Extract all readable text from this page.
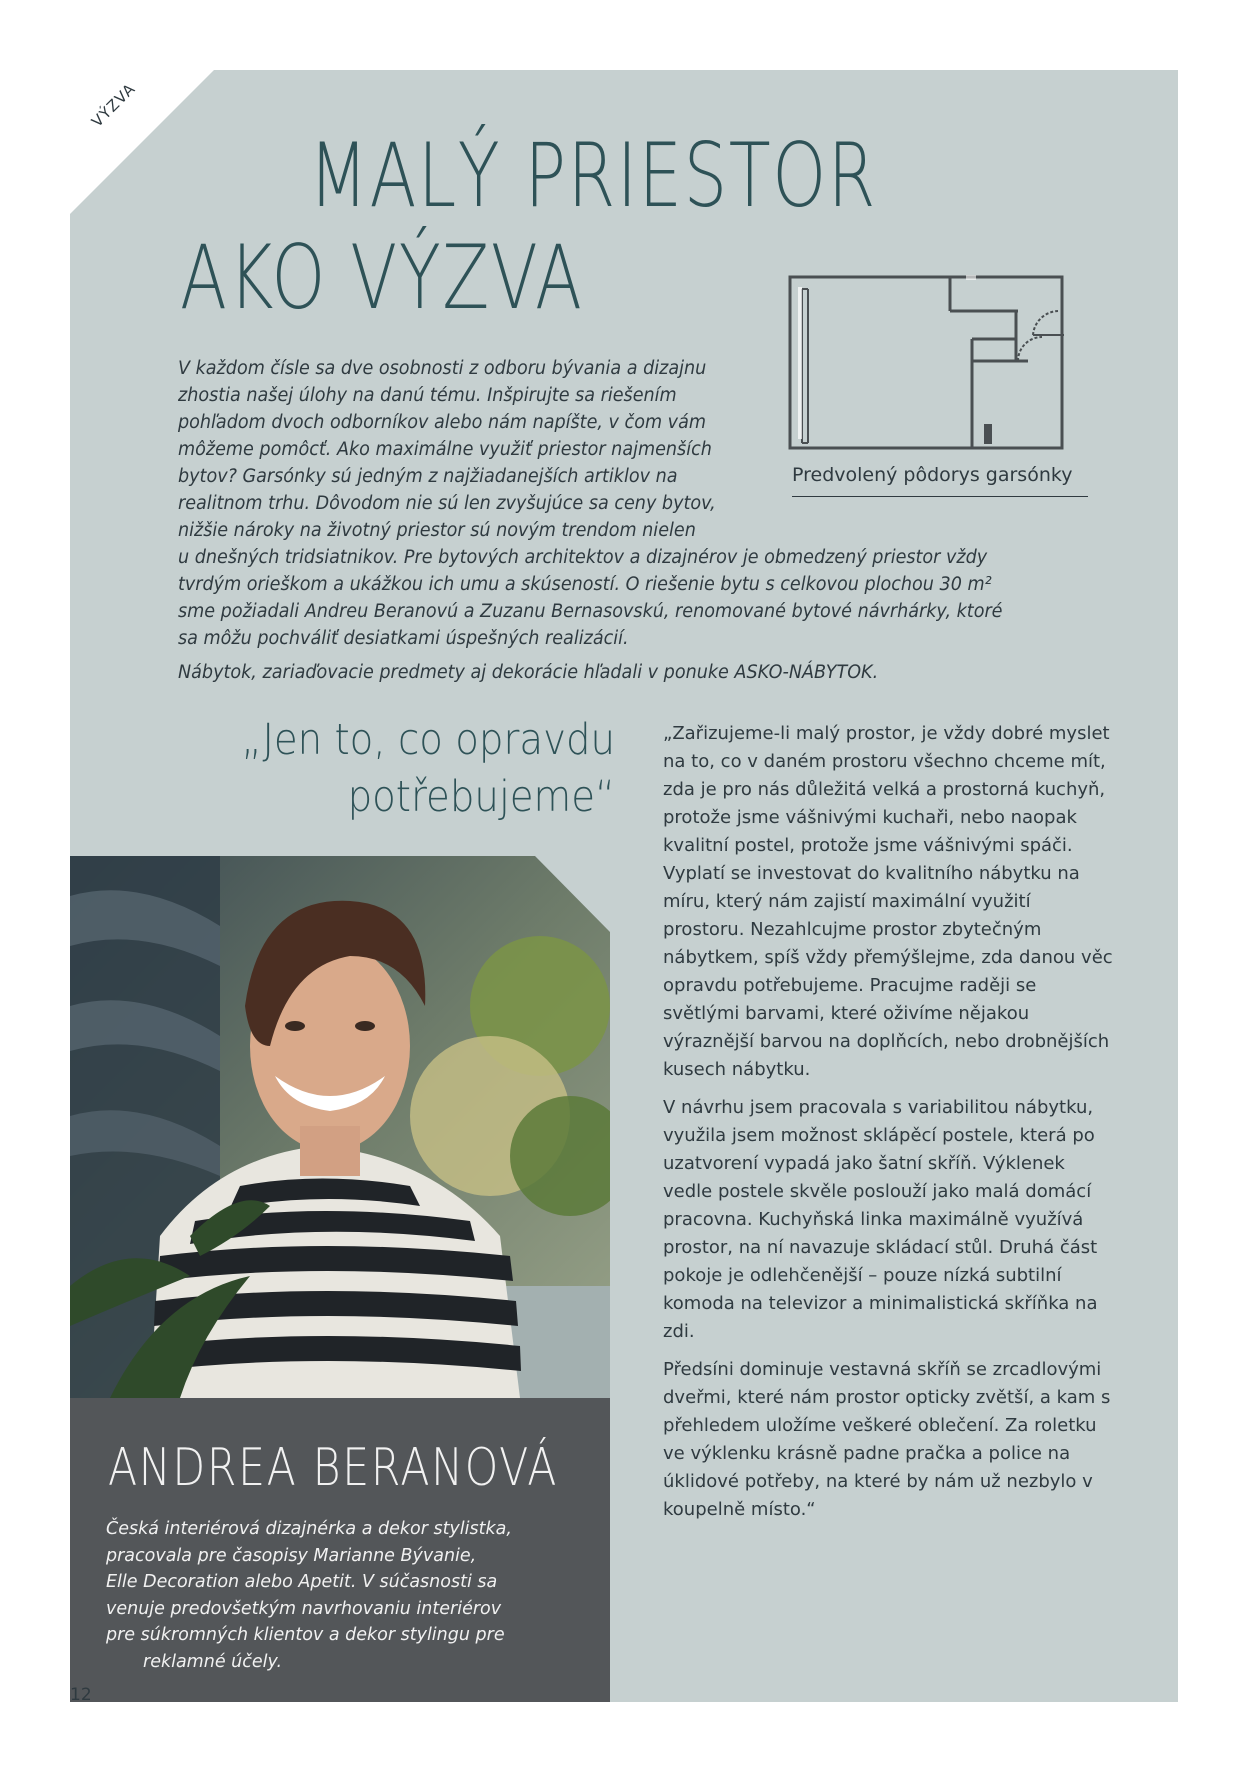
VÝZVA
MALÝ PRIESTOR
AKO VÝZVA
Predvolený pôdorys garsónky

V každom čísle sa dve osobnosti z odboru bývania a dizajnu

zhostia našej úlohy na danú tému. Inšpirujte sa riešením

pohľadom dvoch odborníkov alebo nám napíšte, v čom vám

môžeme pomôcť. Ako maximálne využiť priestor najmenších

bytov? Garsónky sú jedným z najžiadanejších artiklov na

realitnom trhu. Dôvodom nie sú len zvyšujúce sa ceny bytov,

nižšie nároky na životný priestor sú novým trendom nielen

u dnešných tridsiatnikov. Pre bytových architektov a dizajnérov je obmedzený priestor vždy

tvrdým orieškom a ukážkou ich umu a skúseností. O riešenie bytu s celkovou plochou 30 m²

sme požiadali Andreu Beranovú a Zuzanu Bernasovskú, renomované bytové návrhárky, ktoré

sa môžu pochváliť desiatkami úspešných realizácií.

Nábytok, zariaďovacie predmety aj dekorácie hľadali v ponuke ASKO-NÁBYTOK.

„Jen to, co opravdu
potřebujeme“
ANDREA BERANOVÁ

Česká interiérová dizajnérka a dekor stylistka,
pracovala pre časopisy Marianne Bývanie,
Elle Decoration alebo Apetit. V súčasnosti sa
venuje predovšetkým navrhovaniu interiérov
pre súkromných klientov a dekor stylingu pre
reklamné účely.

12

„Zařizujeme-li malý prostor, je vždy dobré myslet na to, co v daném prostoru všechno chceme mít, zda je pro nás důležitá velká a prostorná kuchyň, protože jsme vášnivými kuchaři, nebo naopak kvalitní postel, protože jsme vášnivými spáči. Vyplatí se investovat do kvalitního nábytku na míru, který nám zajistí maximální využití prostoru. Nezahlcujme prostor zbytečným nábytkem, spíš vždy přemýšlejme, zda danou věc opravdu potřebujeme. Pracujme raději se světlými barvami, které oživíme nějakou výraznější barvou na doplňcích, nebo drobnějších kusech nábytku.

V návrhu jsem pracovala s variabilitou nábytku, využila jsem možnost sklápěcí postele, která po uzatvorení vypadá jako šatní skříň. Výklenek vedle postele skvěle poslouží jako malá domácí pracovna. Kuchyňská linka maximálně využívá prostor, na ní navazuje skládací stůl. Druhá část pokoje je odlehčenější – pouze nízká subtilní komoda na televizor a minimalistická skříňka na zdi.

Předsíni dominuje vestavná skříň se zrcadlovými dveřmi, které nám prostor opticky zvětší, a kam s přehledem uložíme veškeré oblečení. Za roletku ve výklenku krásně padne pračka a police na úklidové potřeby, na které by nám už nezbylo v koupelně místo.“
